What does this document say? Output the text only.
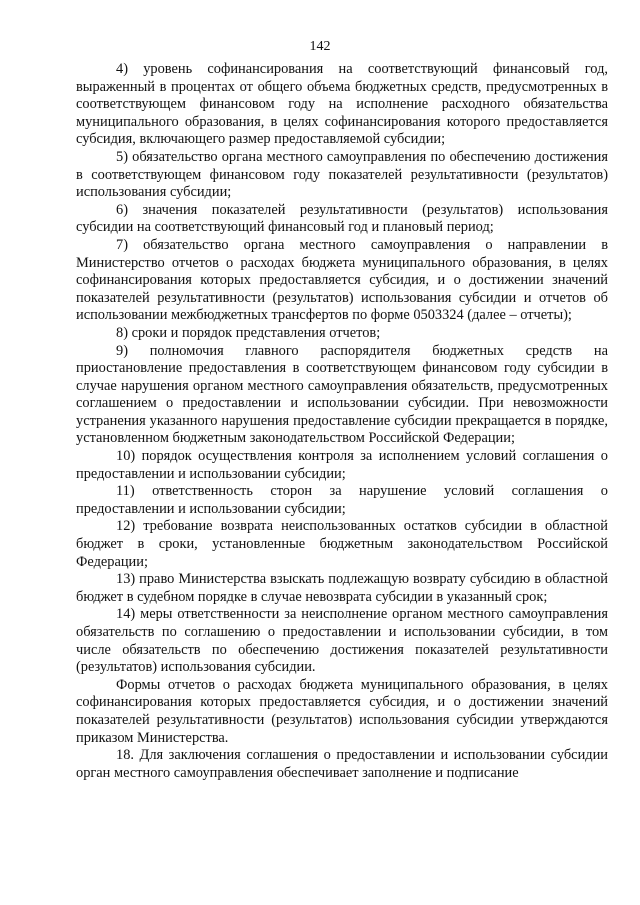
142

4) уровень софинансирования на соответствующий финансовый год, выраженный в процентах от общего объема бюджетных средств, предусмотренных в соответствующем финансовом году на исполнение расходного обязательства муниципального образования, в целях софинансирования которого предоставляется субсидия, включающего размер предоставляемой субсидии;

5) обязательство органа местного самоуправления по обеспечению достижения в соответствующем финансовом году показателей результативности (результатов) использования субсидии;

6) значения показателей результативности (результатов) использования субсидии на соответствующий финансовый год и плановый период;

7) обязательство органа местного самоуправления о направлении в Министерство отчетов о расходах бюджета муниципального образования, в целях софинансирования которых предоставляется субсидия, и о достижении значений показателей результативности (результатов) использования субсидии и отчетов об использовании межбюджетных трансфертов по форме 0503324 (далее – отчеты);

8) сроки и порядок представления отчетов;

9) полномочия главного распорядителя бюджетных средств на приостановление предоставления в соответствующем финансовом году субсидии в случае нарушения органом местного самоуправления обязательств, предусмотренных соглашением о предоставлении и использовании субсидии. При невозможности устранения указанного нарушения предоставление субсидии прекращается в порядке, установленном бюджетным законодательством Российской Федерации;

10) порядок осуществления контроля за исполнением условий соглашения о предоставлении и использовании субсидии;

11) ответственность сторон за нарушение условий соглашения о предоставлении и использовании субсидии;

12) требование возврата неиспользованных остатков субсидии в областной бюджет в сроки, установленные бюджетным законодательством Российской Федерации;

13) право Министерства взыскать подлежащую возврату субсидию в областной бюджет в судебном порядке в случае невозврата субсидии в указанный срок;

14) меры ответственности за неисполнение органом местного самоуправления обязательств по соглашению о предоставлении и использовании субсидии, в том числе обязательств по обеспечению достижения показателей результативности (результатов) использования субсидии.

Формы отчетов о расходах бюджета муниципального образования, в целях софинансирования которых предоставляется субсидия, и о достижении значений показателей результативности (результатов) использования субсидии утверждаются приказом Министерства.

18. Для заключения соглашения о предоставлении и использовании субсидии орган местного самоуправления обеспечивает заполнение и подписание
